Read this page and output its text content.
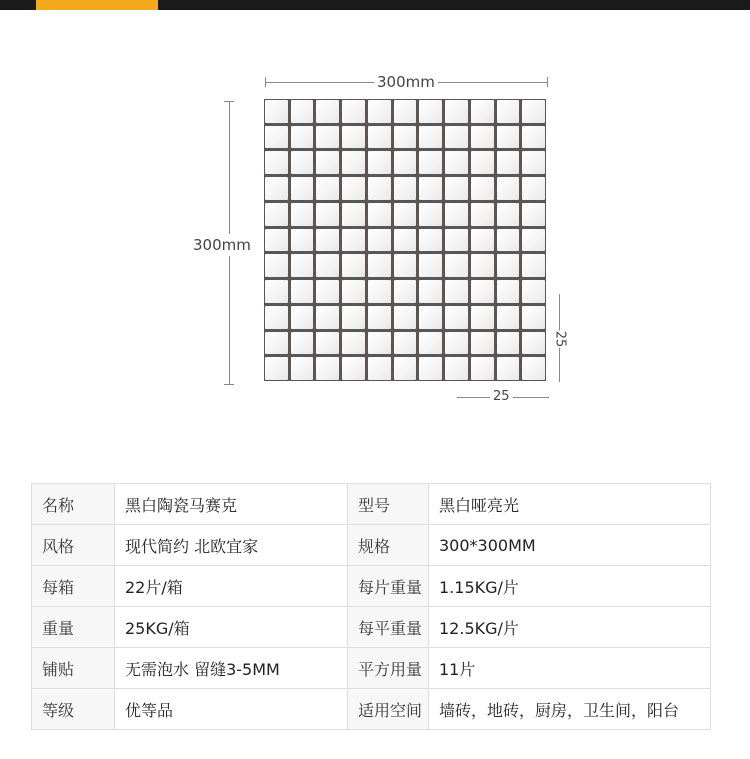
300mm
300mm
25
25
名称	黑白陶瓷马赛克	型号	黑白哑亮光
风格	现代简约 北欧宜家	规格	300*300MM
每箱	22片/箱	每片重量	1.15KG/片
重量	25KG/箱	每平重量	12.5KG/片
铺贴	无需泡水 留缝3-5MM	平方用量	11片
等级	优等品	适用空间	墙砖，地砖，厨房，卫生间，阳台
